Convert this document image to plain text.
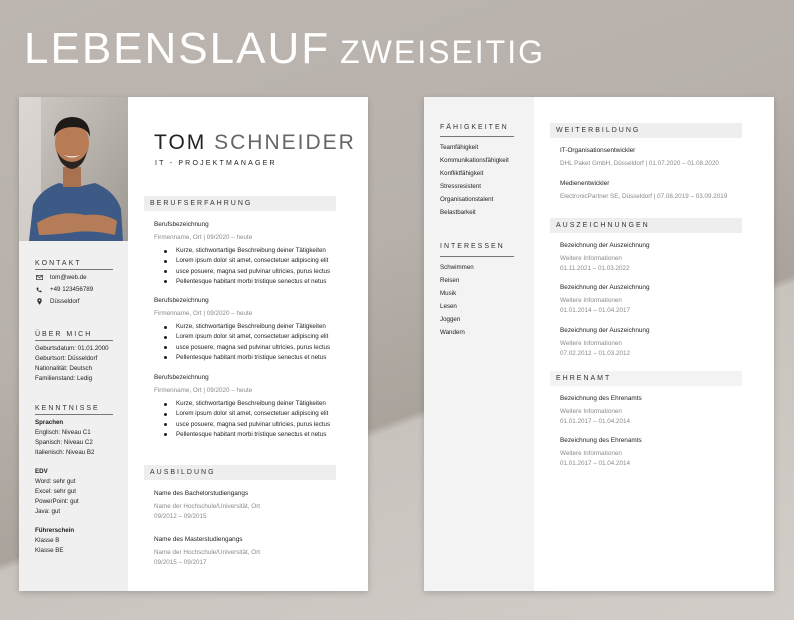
LEBENSLAUF ZWEISEITIG
KONTAKT
tom@web.de
+49 123456789
Düsseldorf
ÜBER MICH
Geburtsdatum: 01.01.2000
Geburtsort: Düsseldorf
Nationalität: Deutsch
Familienstand: Ledig
KENNTNISSE
Sprachen
Englisch: Niveau C1
Spanisch: Niveau C2
Italienisch: Niveau B2
EDV
Word: sehr gut
Excel: sehr gut
PowerPoint: gut
Java: gut
Führerschein
Klasse B
Klasse BE
TOM SCHNEIDER
IT - PROJEKTMANAGER
BERUFSERFAHRUNG
Berufsbezeichnung
Firmenname, Ort | 09/2020 – heute
Kurze, stichwortartige Beschreibung deiner Tätigkeiten
Lorem ipsum dolor sit amet, consectetuer adipiscing elit
usce posuere, magna sed pulvinar ultricies, purus lectus
Pellentesque habitant morbi tristique senectus et netus
Berufsbezeichnung
Firmenname, Ort | 09/2020 – heute
Kurze, stichwortartige Beschreibung deiner Tätigkeiten
Lorem ipsum dolor sit amet, consectetuer adipiscing elit
usce posuere, magna sed pulvinar ultricies, purus lectus
Pellentesque habitant morbi tristique senectus et netus
Berufsbezeichnung
Firmenname, Ort | 09/2020 – heute
Kurze, stichwortartige Beschreibung deiner Tätigkeiten
Lorem ipsum dolor sit amet, consectetuer adipiscing elit
usce posuere, magna sed pulvinar ultricies, purus lectus
Pellentesque habitant morbi tristique senectus et netus
AUSBILDUNG
Name des Bachelorstudiengangs
Name der Hochschule/Universität, Ort
09/2012 – 09/2015
Name des Masterstudiengangs
Name der Hochschule/Universität, Ort
09/2015 – 09/2017
FÄHIGKEITEN
Teamfähigkeit
Kommunikationsfähigkeit
Konfliktfähigkeit
Stressresistent
Organisationstalent
Belastbarkeit
INTERESSEN
Schwimmen
Reisen
Musik
Lesen
Joggen
Wandern
WEITERBILDUNG
IT-Organisationsentwickler
DHL Paket GmbH, Düsseldorf | 01.07.2020 – 01.08.2020
Medienentwickler
ElectronicPartner SE, Düsseldorf | 07.08.2019 – 03.09.2019
AUSZEICHNUNGEN
Bezeichnung der Auszeichnung
Weitere Informationen
01.11.2021 – 01.03.2022
Bezeichnung der Auszeichnung
Weitere Informationen
01.01.2014 – 01.04.2017
Bezeichnung der Auszeichnung
Weitere Informationen
07.02.2012 – 01.03.2012
EHRENAMT
Bezeichnung des Ehrenamts
Weitere Informationen
01.01.2017 – 01.04.2014
Bezeichnung des Ehrenamts
Weitere Informationen
01.01.2017 – 01.04.2014
